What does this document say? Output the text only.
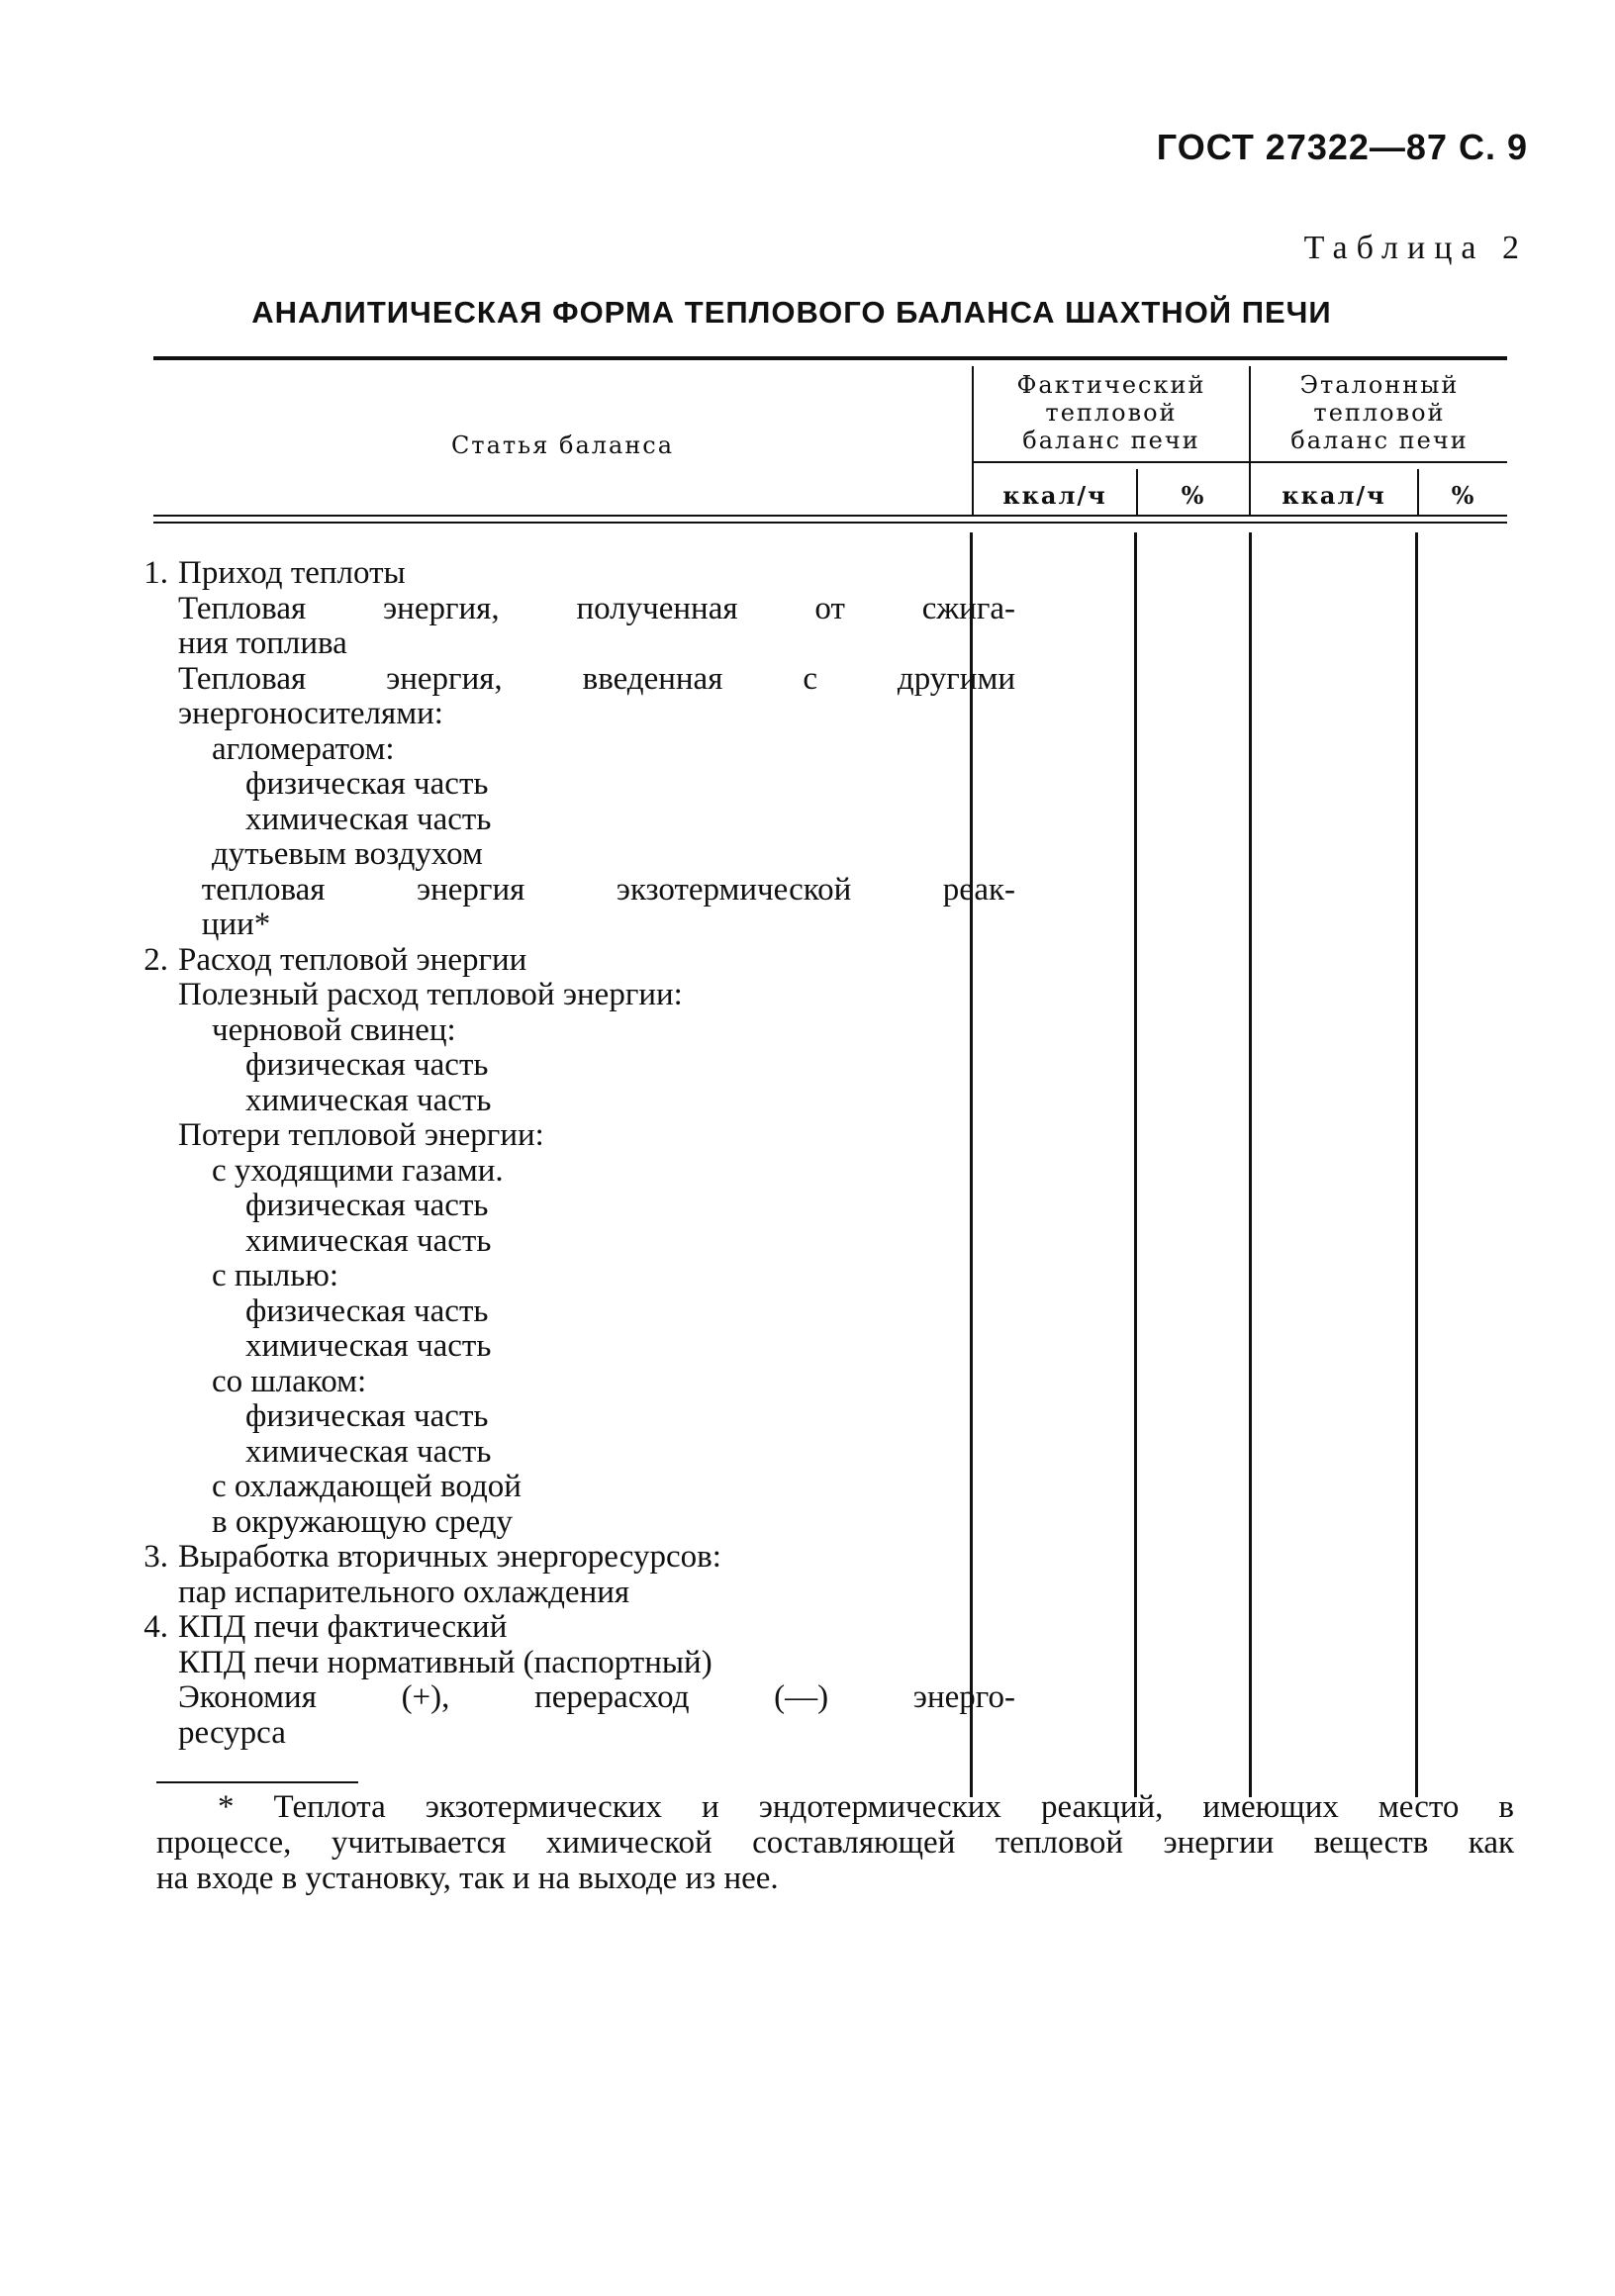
ГОСТ 27322—87 С. 9
Таблица 2
АНАЛИТИЧЕСКАЯ ФОРМА ТЕПЛОВОГО БАЛАНСА ШАХТНОЙ ПЕЧИ
Статья баланса
Фактический
тепловой
баланс печи
Эталонный
тепловой
баланс печи
ккал/ч	%	ккал/ч	%
1. Приход теплоты
Тепловая энергия, полученная от сжига-
ния топлива
Тепловая энергия, введенная с другими
энергоносителями:
агломератом:
физическая часть
химическая часть
дутьевым воздухом
тепловая энергия экзотермической реак-
ции*
2. Расход тепловой энергии
Полезный расход тепловой энергии:
черновой свинец:
физическая часть
химическая часть
Потери тепловой энергии:
с уходящими газами.
физическая часть
химическая часть
с пылью:
физическая часть
химическая часть
со шлаком:
физическая часть
химическая часть
с охлаждающей водой
в окружающую среду
3. Выработка вторичных энергоресурсов:
пар испарительного охлаждения
4. КПД печи фактический
КПД печи нормативный (паспортный)
Экономия (+), перерасход (—) энерго-
ресурса
* Теплота экзотермических и эндотермических реакций, имеющих место в
процессе, учитывается химической составляющей тепловой энергии веществ как
на входе в установку, так и на выходе из нее.
